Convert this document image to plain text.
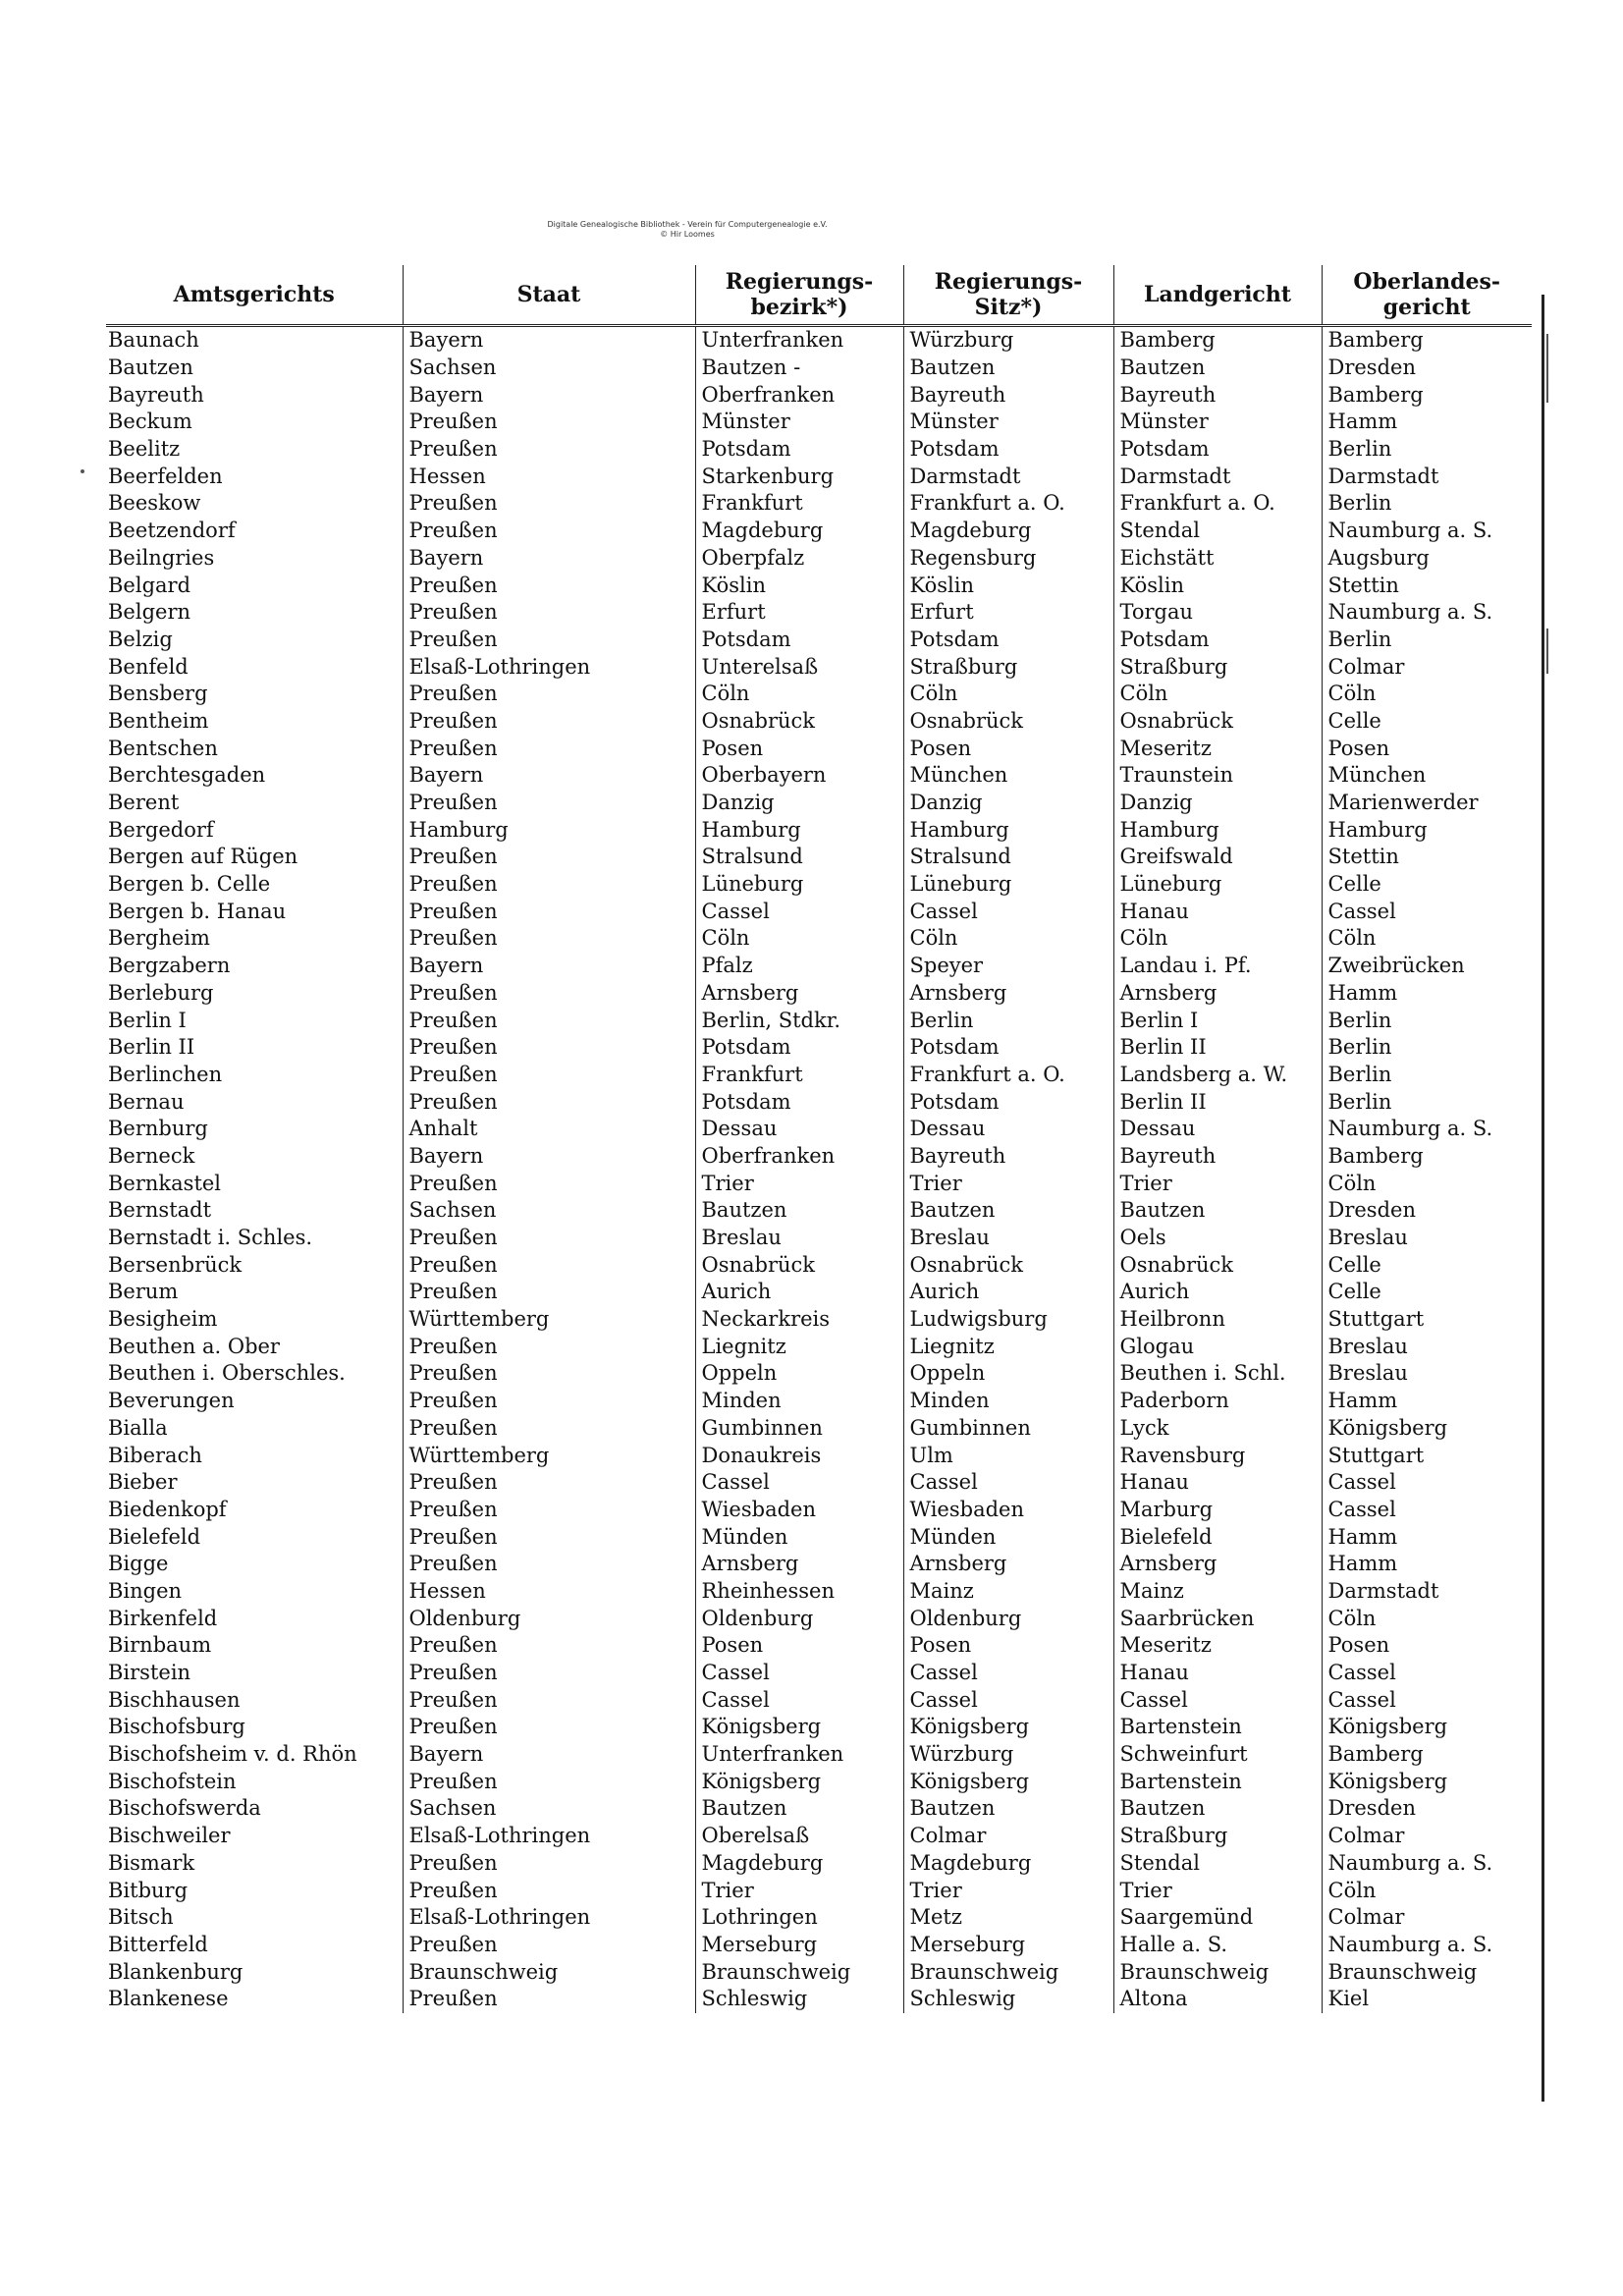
Digitale Genealogische Bibliothek - Verein für Computergenealogie e.V.
© Hir Loomes
Amtsgerichts	Staat	Regierungs-bezirk*)	Regierungs-Sitz*)	Landgericht	Oberlandes-gericht
Baunach	Bayern	Unterfranken	Würzburg	Bamberg	Bamberg
Bautzen	Sachsen	Bautzen -	Bautzen	Bautzen	Dresden
Bayreuth	Bayern	Oberfranken	Bayreuth	Bayreuth	Bamberg
Beckum	Preußen	Münster	Münster	Münster	Hamm
Beelitz	Preußen	Potsdam	Potsdam	Potsdam	Berlin
Beerfelden	Hessen	Starkenburg	Darmstadt	Darmstadt	Darmstadt
Beeskow	Preußen	Frankfurt	Frankfurt a. O.	Frankfurt a. O.	Berlin
Beetzendorf	Preußen	Magdeburg	Magdeburg	Stendal	Naumburg a. S.
Beilngries	Bayern	Oberpfalz	Regensburg	Eichstätt	Augsburg
Belgard	Preußen	Köslin	Köslin	Köslin	Stettin
Belgern	Preußen	Erfurt	Erfurt	Torgau	Naumburg a. S.
Belzig	Preußen	Potsdam	Potsdam	Potsdam	Berlin
Benfeld	Elsaß-Lothringen	Unterelsaß	Straßburg	Straßburg	Colmar
Bensberg	Preußen	Cöln	Cöln	Cöln	Cöln
Bentheim	Preußen	Osnabrück	Osnabrück	Osnabrück	Celle
Bentschen	Preußen	Posen	Posen	Meseritz	Posen
Berchtesgaden	Bayern	Oberbayern	München	Traunstein	München
Berent	Preußen	Danzig	Danzig	Danzig	Marienwerder
Bergedorf	Hamburg	Hamburg	Hamburg	Hamburg	Hamburg
Bergen auf Rügen	Preußen	Stralsund	Stralsund	Greifswald	Stettin
Bergen b. Celle	Preußen	Lüneburg	Lüneburg	Lüneburg	Celle
Bergen b. Hanau	Preußen	Cassel	Cassel	Hanau	Cassel
Bergheim	Preußen	Cöln	Cöln	Cöln	Cöln
Bergzabern	Bayern	Pfalz	Speyer	Landau i. Pf.	Zweibrücken
Berleburg	Preußen	Arnsberg	Arnsberg	Arnsberg	Hamm
Berlin I	Preußen	Berlin, Stdkr.	Berlin	Berlin I	Berlin
Berlin II	Preußen	Potsdam	Potsdam	Berlin II	Berlin
Berlinchen	Preußen	Frankfurt	Frankfurt a. O.	Landsberg a. W.	Berlin
Bernau	Preußen	Potsdam	Potsdam	Berlin II	Berlin
Bernburg	Anhalt	Dessau	Dessau	Dessau	Naumburg a. S.
Berneck	Bayern	Oberfranken	Bayreuth	Bayreuth	Bamberg
Bernkastel	Preußen	Trier	Trier	Trier	Cöln
Bernstadt	Sachsen	Bautzen	Bautzen	Bautzen	Dresden
Bernstadt i. Schles.	Preußen	Breslau	Breslau	Oels	Breslau
Bersenbrück	Preußen	Osnabrück	Osnabrück	Osnabrück	Celle
Berum	Preußen	Aurich	Aurich	Aurich	Celle
Besigheim	Württemberg	Neckarkreis	Ludwigsburg	Heilbronn	Stuttgart
Beuthen a. Ober	Preußen	Liegnitz	Liegnitz	Glogau	Breslau
Beuthen i. Oberschles.	Preußen	Oppeln	Oppeln	Beuthen i. Schl.	Breslau
Beverungen	Preußen	Minden	Minden	Paderborn	Hamm
Bialla	Preußen	Gumbinnen	Gumbinnen	Lyck	Königsberg
Biberach	Württemberg	Donaukreis	Ulm	Ravensburg	Stuttgart
Bieber	Preußen	Cassel	Cassel	Hanau	Cassel
Biedenkopf	Preußen	Wiesbaden	Wiesbaden	Marburg	Cassel
Bielefeld	Preußen	Münden	Münden	Bielefeld	Hamm
Bigge	Preußen	Arnsberg	Arnsberg	Arnsberg	Hamm
Bingen	Hessen	Rheinhessen	Mainz	Mainz	Darmstadt
Birkenfeld	Oldenburg	Oldenburg	Oldenburg	Saarbrücken	Cöln
Birnbaum	Preußen	Posen	Posen	Meseritz	Posen
Birstein	Preußen	Cassel	Cassel	Hanau	Cassel
Bischhausen	Preußen	Cassel	Cassel	Cassel	Cassel
Bischofsburg	Preußen	Königsberg	Königsberg	Bartenstein	Königsberg
Bischofsheim v. d. Rhön	Bayern	Unterfranken	Würzburg	Schweinfurt	Bamberg
Bischofstein	Preußen	Königsberg	Königsberg	Bartenstein	Königsberg
Bischofswerda	Sachsen	Bautzen	Bautzen	Bautzen	Dresden
Bischweiler	Elsaß-Lothringen	Oberelsaß	Colmar	Straßburg	Colmar
Bismark	Preußen	Magdeburg	Magdeburg	Stendal	Naumburg a. S.
Bitburg	Preußen	Trier	Trier	Trier	Cöln
Bitsch	Elsaß-Lothringen	Lothringen	Metz	Saargemünd	Colmar
Bitterfeld	Preußen	Merseburg	Merseburg	Halle a. S.	Naumburg a. S.
Blankenburg	Braunschweig	Braunschweig	Braunschweig	Braunschweig	Braunschweig
Blankenese	Preußen	Schleswig	Schleswig	Altona	Kiel
